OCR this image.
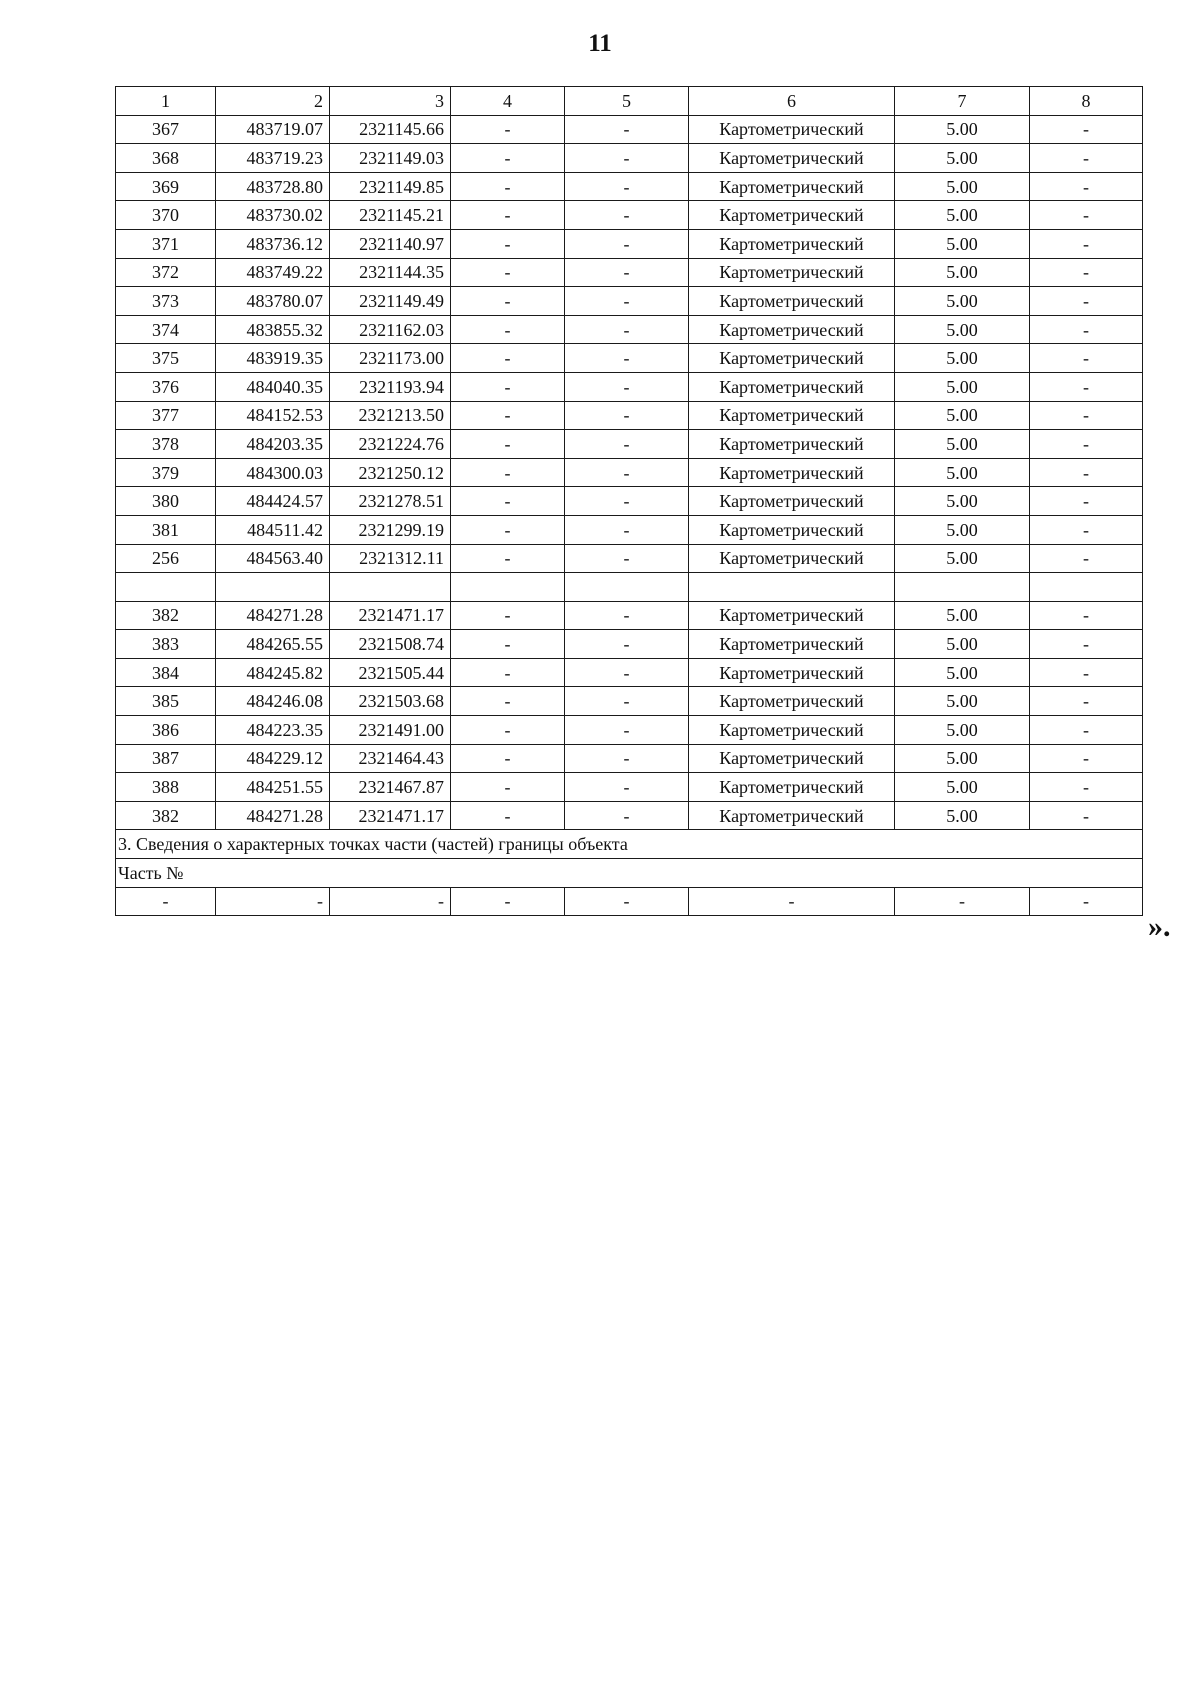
11
1	2	3	4	5	6	7	8
367	483719.07	2321145.66	-	-	Картометрический	5.00	-
368	483719.23	2321149.03	-	-	Картометрический	5.00	-
369	483728.80	2321149.85	-	-	Картометрический	5.00	-
370	483730.02	2321145.21	-	-	Картометрический	5.00	-
371	483736.12	2321140.97	-	-	Картометрический	5.00	-
372	483749.22	2321144.35	-	-	Картометрический	5.00	-
373	483780.07	2321149.49	-	-	Картометрический	5.00	-
374	483855.32	2321162.03	-	-	Картометрический	5.00	-
375	483919.35	2321173.00	-	-	Картометрический	5.00	-
376	484040.35	2321193.94	-	-	Картометрический	5.00	-
377	484152.53	2321213.50	-	-	Картометрический	5.00	-
378	484203.35	2321224.76	-	-	Картометрический	5.00	-
379	484300.03	2321250.12	-	-	Картометрический	5.00	-
380	484424.57	2321278.51	-	-	Картометрический	5.00	-
381	484511.42	2321299.19	-	-	Картометрический	5.00	-
256	484563.40	2321312.11	-	-	Картометрический	5.00	-

382	484271.28	2321471.17	-	-	Картометрический	5.00	-
383	484265.55	2321508.74	-	-	Картометрический	5.00	-
384	484245.82	2321505.44	-	-	Картометрический	5.00	-
385	484246.08	2321503.68	-	-	Картометрический	5.00	-
386	484223.35	2321491.00	-	-	Картометрический	5.00	-
387	484229.12	2321464.43	-	-	Картометрический	5.00	-
388	484251.55	2321467.87	-	-	Картометрический	5.00	-
382	484271.28	2321471.17	-	-	Картометрический	5.00	-
3. Сведения о характерных точках части (частей) границы объекта							
Часть №							
-	-	-	-	-	-	-	-
».
